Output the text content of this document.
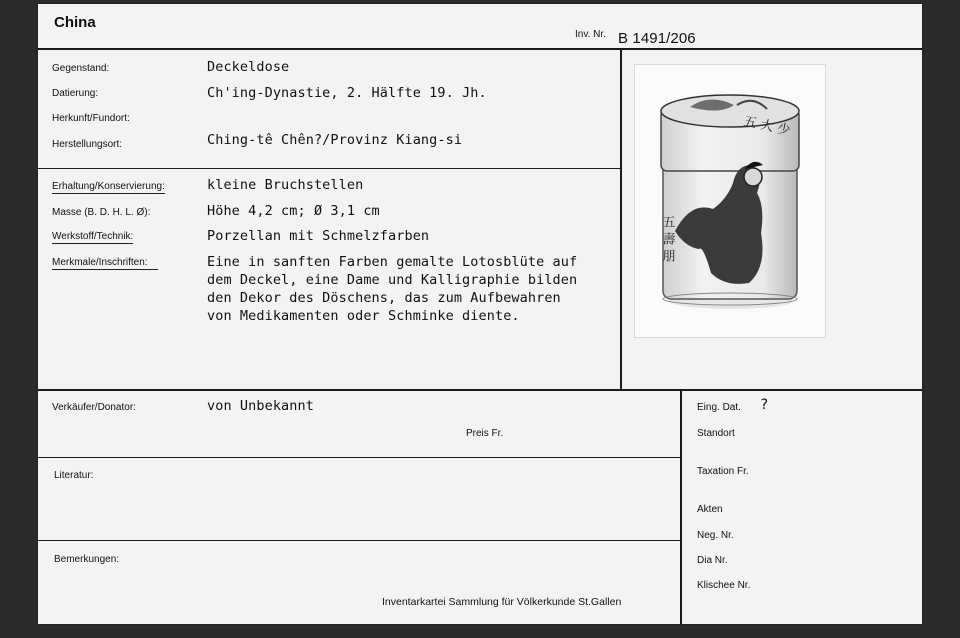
China
Inv. Nr. B 1491/206
Gegenstand:	Deckeldose
Datierung:	Ch'ing-Dynastie, 2. Hälfte 19. Jh.
Herkunft/Fundort:
Herstellungsort:	Ching-tê Chên?/Provinz Kiang-si
Erhaltung/Konservierung:	kleine Bruchstellen
Masse (B. D. H. L. Ø):	Höhe 4,2 cm; Ø 3,1 cm
Werkstoff/Technik:	Porzellan mit Schmelzfarben
Merkmale/Inschriften:	Eine in sanften Farben gemalte Lotosblüte auf
dem Deckel, eine Dame und Kalligraphie bilden
den Dekor des Döschens, das zum Aufbewahren
von Medikamenten oder Schminke diente.
五 壽 朋
五 大 少
Verkäufer/Donator:	von Unbekannt
Preis Fr.
Literatur:
Bemerkungen:
Eing. Dat. ?
Standort
Taxation Fr.
Akten
Neg. Nr.
Dia Nr.
Klischee Nr.
Inventarkartei Sammlung für Völkerkunde St.Gallen
